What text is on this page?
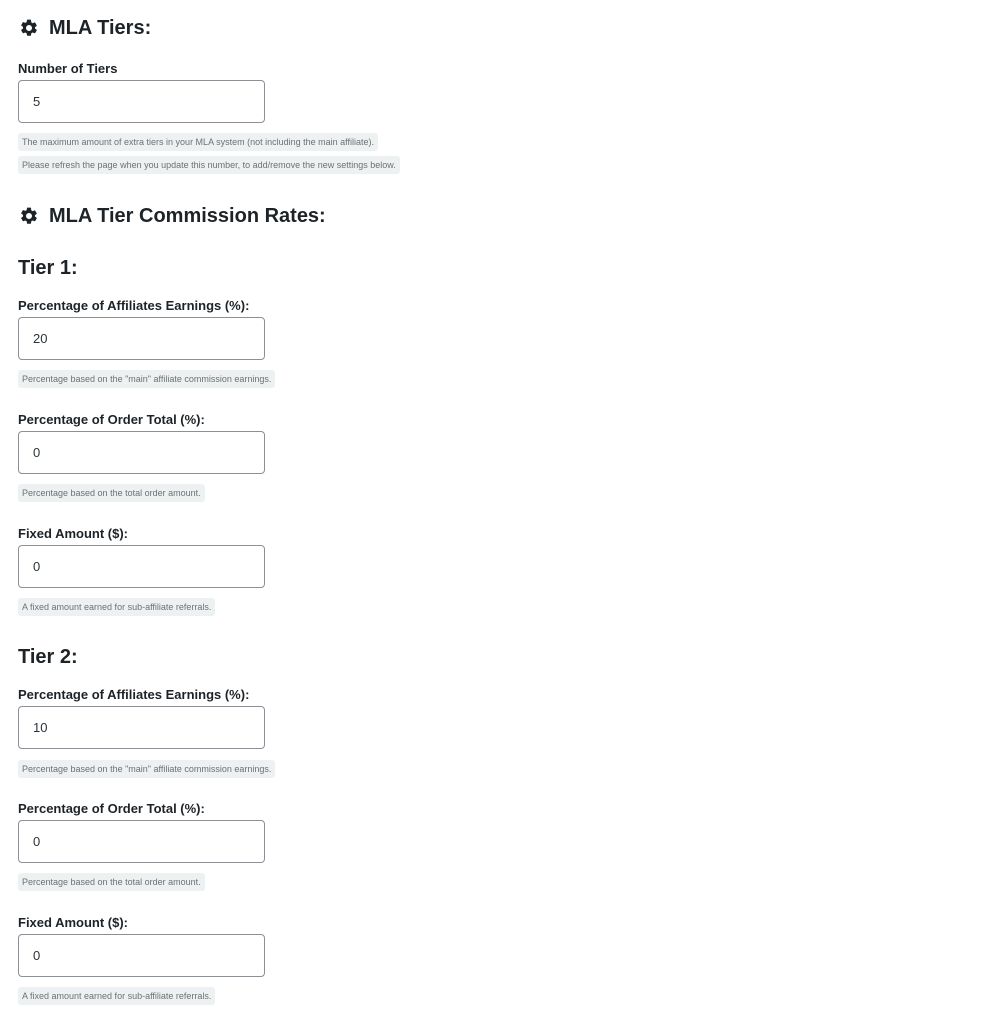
MLA Tiers:
Number of Tiers
5
The maximum amount of extra tiers in your MLA system (not including the main affiliate).
Please refresh the page when you update this number, to add/remove the new settings below.
MLA Tier Commission Rates:
Tier 1:
Percentage of Affiliates Earnings (%):
20
Percentage based on the "main" affiliate commission earnings.
Percentage of Order Total (%):
0
Percentage based on the total order amount.
Fixed Amount ($):
0
A fixed amount earned for sub-affiliate referrals.
Tier 2:
Percentage of Affiliates Earnings (%):
10
Percentage based on the "main" affiliate commission earnings.
Percentage of Order Total (%):
0
Percentage based on the total order amount.
Fixed Amount ($):
0
A fixed amount earned for sub-affiliate referrals.
